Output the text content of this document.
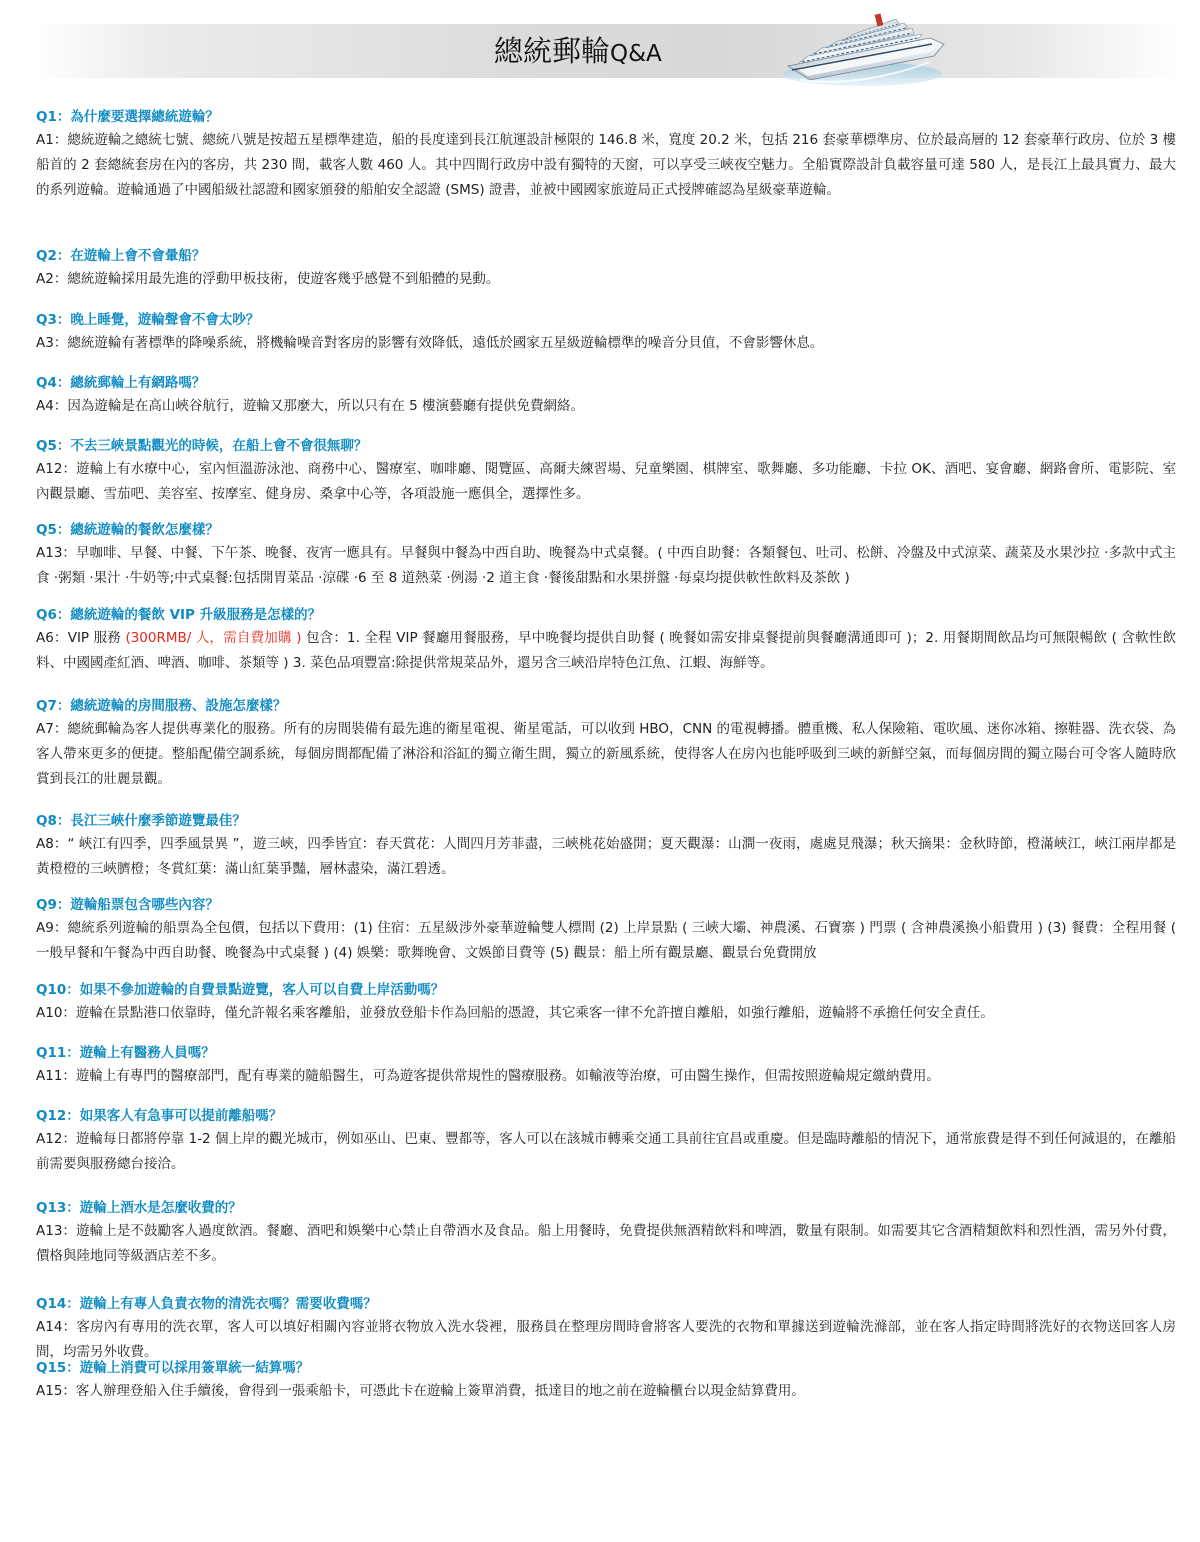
總統郵輪Q&A
Q1：為什麼要選擇總統遊輪？
A1：總統遊輪之總統七號、總統八號是按超五星標準建造，船的長度達到長江航運設計極限的 146.8 米，寬度 20.2 米，包括 216 套豪華標準房、位於最高層的 12 套豪華行政房、位於 3 樓船首的 2 套總統套房在內的客房，共 230 間，載客人數 460 人。其中四間行政房中設有獨特的天窗，可以享受三峽夜空魅力。全船實際設計負載容量可達 580 人，是長江上最具實力、最大的系列遊輪。遊輪通過了中國船級社認證和國家頒發的船舶安全認證 (SMS) 證書，並被中國國家旅遊局正式授牌確認為星級豪華遊輪。
Q2：在遊輪上會不會暈船？
A2：總統遊輪採用最先進的浮動甲板技術，使遊客幾乎感覺不到船體的晃動。
Q3：晚上睡覺，遊輪聲會不會太吵？
A3：總統遊輪有著標準的降噪系統，將機輪噪音對客房的影響有效降低，遠低於國家五星級遊輪標準的噪音分貝值，不會影響休息。
Q4：總統郵輪上有網路嗎？
A4：因為遊輪是在高山峽谷航行，遊輪又那麼大，所以只有在 5 樓演藝廳有提供免費網絡。
Q5：不去三峽景點觀光的時候，在船上會不會很無聊？
A12：遊輪上有水療中心，室內恒溫游泳池、商務中心、醫療室、咖啡廳、閱覽區、高爾夫練習場、兒童樂園、棋牌室、歌舞廳、多功能廳、卡拉 OK、酒吧、宴會廳、網路會所、電影院、室內觀景廳、雪茄吧、美容室、按摩室、健身房、桑拿中心等，各項設施一應俱全，選擇性多。
Q5：總統遊輪的餐飲怎麼樣？
A13：早咖啡、早餐、中餐、下午茶、晚餐、夜宵一應具有。早餐與中餐為中西自助、晚餐為中式桌餐。( 中西自助餐：各類餐包、吐司、松餅、冷盤及中式涼菜、蔬菜及水果沙拉 ·多款中式主食 ·粥類 ·果汁 ·牛奶等;中式桌餐:包括開胃菜品 ·涼碟 ·6 至 8 道熱菜 ·例湯 ·2 道主食 ·餐後甜點和水果拼盤 ·每桌均提供軟性飲料及茶飲 )
Q6：總統遊輪的餐飲 VIP 升級服務是怎樣的？
A6：VIP 服務 (300RMB/ 人，需自費加購 ) 包含：1. 全程 VIP 餐廳用餐服務，早中晚餐均提供自助餐 ( 晚餐如需安排桌餐提前與餐廳溝通即可 )；2. 用餐期間飲品均可無限暢飲 ( 含軟性飲料、中國國產紅酒、啤酒、咖啡、茶類等 ) 3. 菜色品項豐富:除提供常規菜品外，還另含三峽沿岸特色江魚、江蝦、海鮮等。
Q7：總統遊輪的房間服務、設施怎麼樣？
A7：總統郵輪為客人提供專業化的服務。所有的房間裝備有最先進的衛星電視、衛星電話，可以收到 HBO，CNN 的電視轉播。體重機、私人保險箱、電吹風、迷你冰箱、擦鞋器、洗衣袋、為客人帶來更多的便捷。整船配備空調系統，每個房間都配備了淋浴和浴缸的獨立衛生間，獨立的新風系統，使得客人在房內也能呼吸到三峽的新鮮空氣，而每個房間的獨立陽台可令客人隨時欣賞到長江的壯麗景觀。
Q8：長江三峽什麼季節遊覽最佳？
A8：“ 峽江有四季，四季風景異 ”，遊三峽，四季皆宜：春天賞花：人間四月芳菲盡，三峽桃花始盛開；夏天觀瀑：山澗一夜雨，處處見飛瀑；秋天摘果：金秋時節，橙滿峽江，峽江兩岸都是黃橙橙的三峽臍橙；冬賞紅葉：滿山紅葉爭豔，層林盡染，滿江碧透。
Q9：遊輪船票包含哪些內容？
A9：總統系列遊輪的船票為全包價，包括以下費用：(1) 住宿：五星級涉外豪華遊輪雙人標間 (2) 上岸景點 ( 三峽大壩、神農溪、石寶寨 ) 門票 ( 含神農溪換小船費用 ) (3) 餐費：全程用餐 ( 一般早餐和午餐為中西自助餐、晚餐為中式桌餐 ) (4) 娛樂：歌舞晚會、文娛節目費等 (5) 觀景：船上所有觀景廳、觀景台免費開放
Q10：如果不參加遊輪的自費景點遊覽，客人可以自費上岸活動嗎？
A10：遊輪在景點港口依靠時，僅允許報名乘客離船，並發放登船卡作為回船的憑證，其它乘客一律不允許擅自離船，如強行離船，遊輪將不承擔任何安全責任。
Q11：遊輪上有醫務人員嗎？
A11：遊輪上有專門的醫療部門，配有專業的隨船醫生，可為遊客提供常規性的醫療服務。如輸液等治療，可由醫生操作，但需按照遊輪規定繳納費用。
Q12：如果客人有急事可以提前離船嗎？
A12：遊輪每日都將停靠 1-2 個上岸的觀光城市，例如巫山、巴東、豐都等，客人可以在該城市轉乘交通工具前往宜昌或重慶。但是臨時離船的情況下，通常旅費是得不到任何減退的，在離船前需要與服務總台接洽。
Q13：遊輪上酒水是怎麼收費的？
A13：遊輪上是不鼓勵客人過度飲酒。餐廳、酒吧和娛樂中心禁止自帶酒水及食品。船上用餐時，免費提供無酒精飲料和啤酒，數量有限制。如需要其它含酒精類飲料和烈性酒，需另外付費，價格與陸地同等級酒店差不多。
Q14：遊輪上有專人負責衣物的清洗衣嗎？需要收費嗎？
A14：客房內有專用的洗衣單，客人可以填好相關內容並將衣物放入洗水袋裡，服務員在整理房間時會將客人要洗的衣物和單據送到遊輪洗滌部，並在客人指定時間將洗好的衣物送回客人房間，均需另外收費。
Q15：遊輪上消費可以採用簽單統一結算嗎？
A15：客人辦理登船入住手續後，會得到一張乘船卡，可憑此卡在遊輪上簽單消費，抵達目的地之前在遊輪櫃台以現金結算費用。
